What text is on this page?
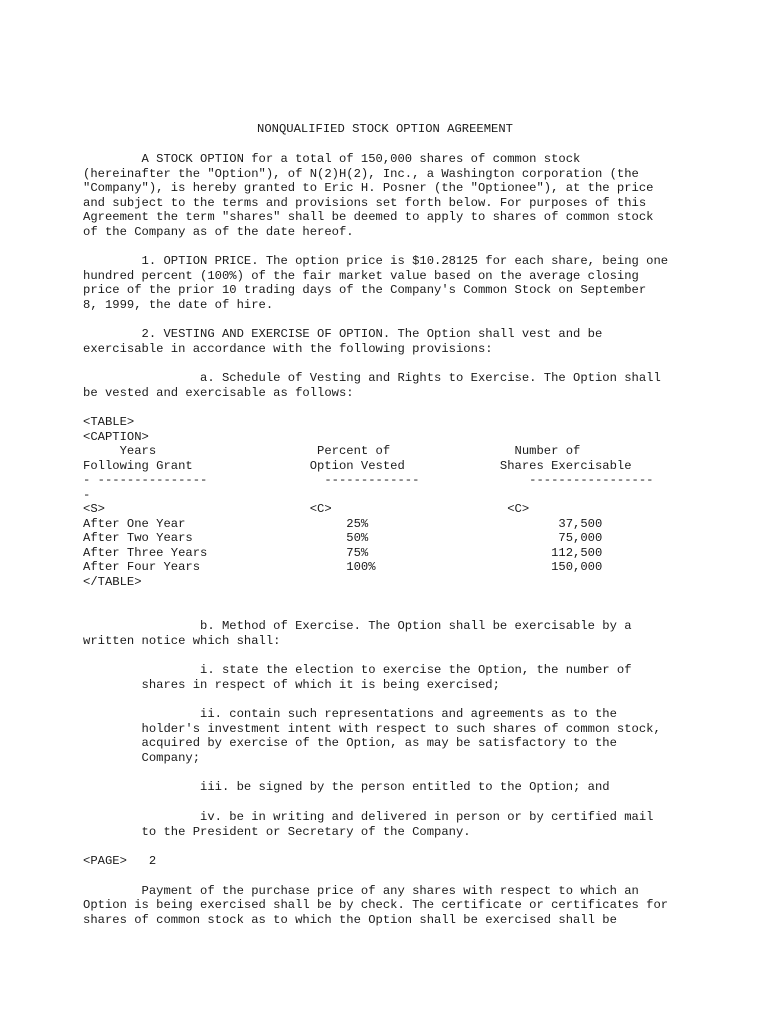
NONQUALIFIED STOCK OPTION AGREEMENT
A STOCK OPTION for a total of 150,000 shares of common stock
(hereinafter the "Option"), of N(2)H(2), Inc., a Washington corporation (the
"Company"), is hereby granted to Eric H. Posner (the "Optionee"), at the price
and subject to the terms and provisions set forth below. For purposes of this
Agreement the term "shares" shall be deemed to apply to shares of common stock
of the Company as of the date hereof.
1. OPTION PRICE. The option price is $10.28125 for each share, being one
hundred percent (100%) of the fair market value based on the average closing
price of the prior 10 trading days of the Company's Common Stock on September
8, 1999, the date of hire.
2. VESTING AND EXERCISE OF OPTION. The Option shall vest and be
exercisable in accordance with the following provisions:
a. Schedule of Vesting and Rights to Exercise. The Option shall
be vested and exercisable as follows:
<TABLE>
<CAPTION>
Years                      Percent of                 Number of
Following Grant                Option Vested             Shares Exercisable
- ---------------                -------------               -----------------
-
<S>                            <C>                        <C>
After One Year                      25%                          37,500
After Two Years                     50%                          75,000
After Three Years                   75%                         112,500
After Four Years                    100%                        150,000
</TABLE>
b. Method of Exercise. The Option shall be exercisable by a
written notice which shall:
i. state the election to exercise the Option, the number of
shares in respect of which it is being exercised;
ii. contain such representations and agreements as to the
holder's investment intent with respect to such shares of common stock,
acquired by exercise of the Option, as may be satisfactory to the
Company;
iii. be signed by the person entitled to the Option; and
iv. be in writing and delivered in person or by certified mail
to the President or Secretary of the Company.
<PAGE>   2
Payment of the purchase price of any shares with respect to which an
Option is being exercised shall be by check. The certificate or certificates for
shares of common stock as to which the Option shall be exercised shall be
